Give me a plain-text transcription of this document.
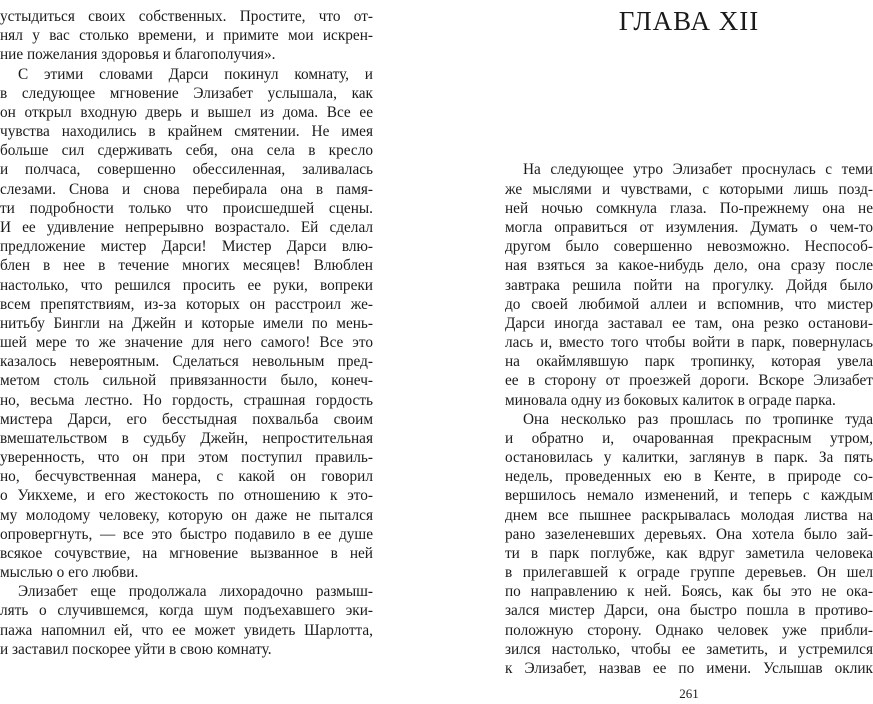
устыдиться своих собственных. Простите, что от-
нял у вас столько времени, и примите мои искрен-
ние пожелания здоровья и благополучия».
С этими словами Дарси покинул комнату, и
в следующее мгновение Элизабет услышала, как
он открыл входную дверь и вышел из дома. Все ее
чувства находились в крайнем смятении. Не имея
больше сил сдерживать себя, она села в кресло
и полчаса, совершенно обессиленная, заливалась
слезами. Снова и снова перебирала она в памя-
ти подробности только что происшедшей сцены.
И ее удивление непрерывно возрастало. Ей сделал
предложение мистер Дарси! Мистер Дарси влю-
блен в нее в течение многих месяцев! Влюблен
настолько, что решился просить ее руки, вопреки
всем препятствиям, из-за которых он расстроил же-
нитьбу Бингли на Джейн и которые имели по мень-
шей мере то же значение для него самого! Все это
казалось невероятным. Сделаться невольным пред-
метом столь сильной привязанности было, конеч-
но, весьма лестно. Но гордость, страшная гордость
мистера Дарси, его бесстыдная похвальба своим
вмешательством в судьбу Джейн, непростительная
уверенность, что он при этом поступил правиль-
но, бесчувственная манера, с какой он говорил
о Уикхеме, и его жестокость по отношению к это-
му молодому человеку, которую он даже не пытался
опровергнуть, — все это быстро подавило в ее душе
всякое сочувствие, на мгновение вызванное в ней
мыслью о его любви.
Элизабет еще продолжала лихорадочно размыш-
лять о случившемся, когда шум подъехавшего эки-
пажа напомнил ей, что ее может увидеть Шарлотта,
и заставил поскорее уйти в свою комнату.
ГЛАВА XII
На следующее утро Элизабет проснулась с теми
же мыслями и чувствами, с которыми лишь позд-
ней ночью сомкнула глаза. По-прежнему она не
могла оправиться от изумления. Думать о чем-то
другом было совершенно невозможно. Неспособ-
ная взяться за какое-нибудь дело, она сразу после
завтрака решила пойти на прогулку. Дойдя было
до своей любимой аллеи и вспомнив, что мистер
Дарси иногда заставал ее там, она резко останови-
лась и, вместо того чтобы войти в парк, повернулась
на окаймлявшую парк тропинку, которая увела
ее в сторону от проезжей дороги. Вскоре Элизабет
миновала одну из боковых калиток в ограде парка.
Она несколько раз прошлась по тропинке туда
и обратно и, очарованная прекрасным утром,
остановилась у калитки, заглянув в парк. За пять
недель, проведенных ею в Кенте, в природе со-
вершилось немало изменений, и теперь с каждым
днем все пышнее раскрывалась молодая листва на
рано зазеленевших деревьях. Она хотела было зай-
ти в парк поглубже, как вдруг заметила человека
в прилегавшей к ограде группе деревьев. Он шел
по направлению к ней. Боясь, как бы это не ока-
зался мистер Дарси, она быстро пошла в противо-
положную сторону. Однако человек уже прибли-
зился настолько, чтобы ее заметить, и устремился
к Элизабет, назвав ее по имени. Услышав оклик
261
